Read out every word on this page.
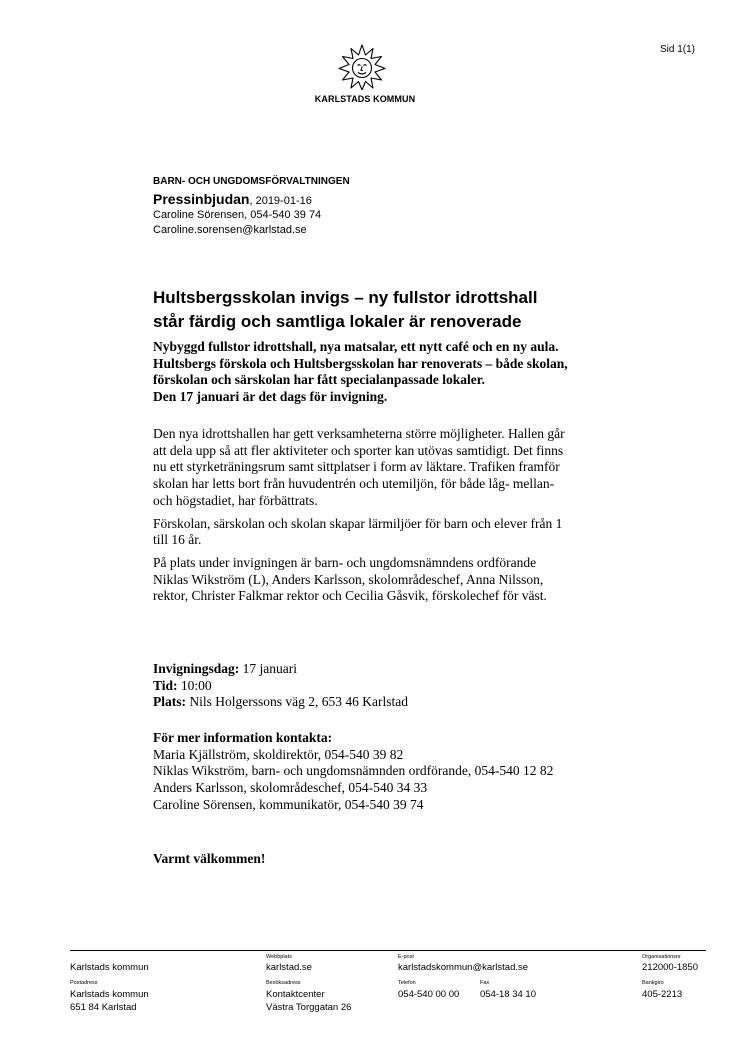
Sid 1(1)
KARLSTADS KOMMUN
BARN- OCH UNGDOMSFÖRVALTNINGEN
Pressinbjudan, 2019-01-16
Caroline Sörensen, 054-540 39 74
Caroline.sorensen@karlstad.se
Hultsbergsskolan invigs – ny fullstor idrottshall
står färdig och samtliga lokaler är renoverade
Nybyggd fullstor idrottshall, nya matsalar, ett nytt café och en ny aula.
Hultsbergs förskola och Hultsbergsskolan har renoverats – både skolan,
förskolan och särskolan har fått specialanpassade lokaler.
Den 17 januari är det dags för invigning.
Den nya idrottshallen har gett verksamheterna större möjligheter. Hallen går
att dela upp så att fler aktiviteter och sporter kan utövas samtidigt. Det finns
nu ett styrketräningsrum samt sittplatser i form av läktare. Trafiken framför
skolan har letts bort från huvudentrén och utemiljön, för både låg- mellan-
och högstadiet, har förbättrats.
Förskolan, särskolan och skolan skapar lärmiljöer för barn och elever från 1
till 16 år.
På plats under invigningen är barn- och ungdomsnämndens ordförande
Niklas Wikström (L), Anders Karlsson, skolområdeschef, Anna Nilsson,
rektor, Christer Falkmar rektor och Cecilia Gåsvik, förskolechef för väst.
Invigningsdag: 17 januari
Tid: 10:00
Plats: Nils Holgerssons väg 2, 653 46 Karlstad
För mer information kontakta:
Maria Kjällström, skoldirektör, 054-540 39 82
Niklas Wikström, barn- och ungdomsnämnden ordförande, 054-540 12 82
Anders Karlsson, skolområdeschef, 054-540 34 33
Caroline Sörensen, kommunikatör, 054-540 39 74
Varmt välkommen!
Karlstads kommun
Webbplats
karlstad.se
E-post
karlstadskommun@karlstad.se
Organisationsnr
212000-1850
Postadress
Karlstads kommun
651 84 Karlstad
Besöksadress
Kontaktcenter
Västra Torggatan 26
Telefon
054-540 00 00
Fax
054-18 34 10
Bankgiro
405-2213
